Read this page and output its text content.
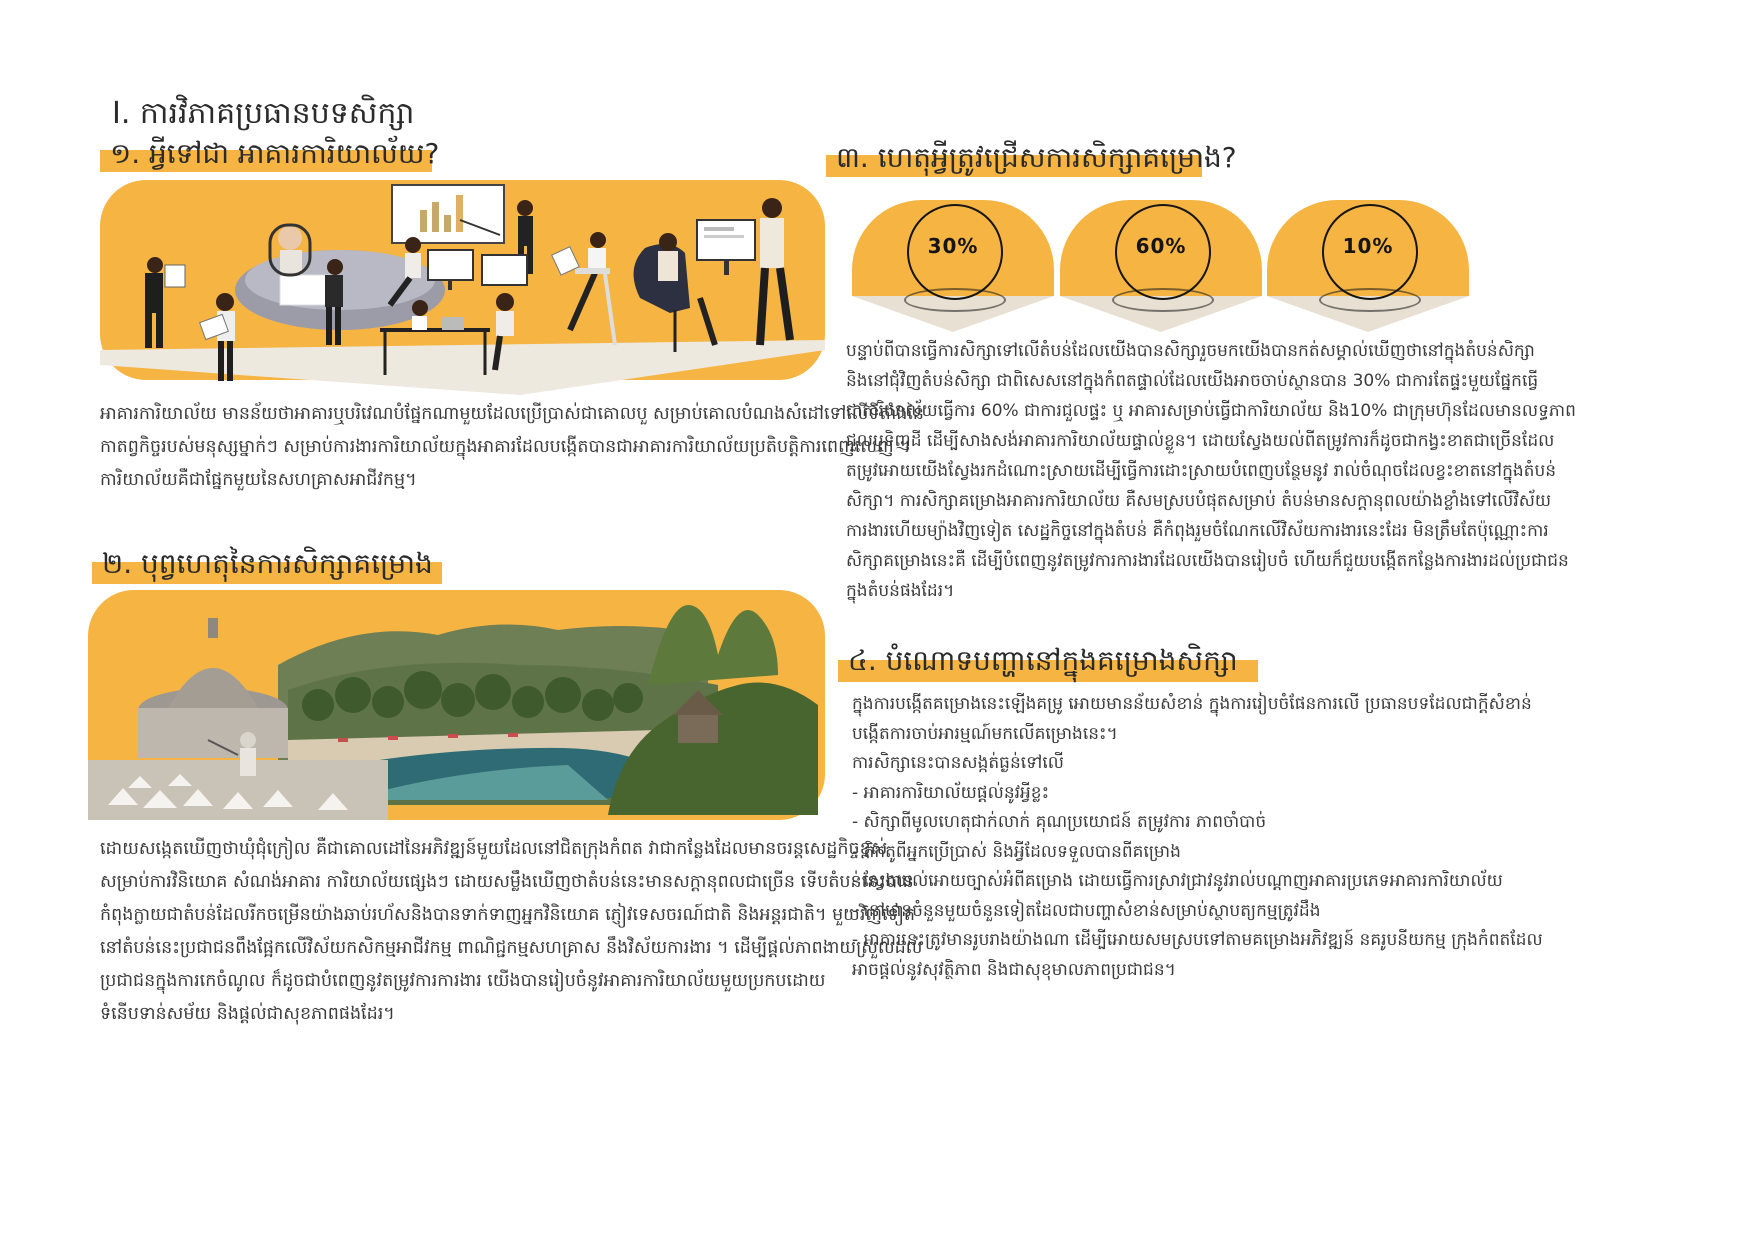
I. ការវិភាគប្រធានបទសិក្សា
១. អ្វីទៅជា អាគារការិយាល័យ?
អាគារការិយាល័យ មានន័យថាអាគារឬបរិវេណបំផ្នែកណាមួយដែលប្រើប្រាស់ជាគោលបួ សម្រាប់គោលបំណងសំដៅទៅលើទីតាំងនៃ
កាតព្វកិច្ចរបស់មនុស្សម្នាក់ៗ សម្រាប់ការងារការិយាល័យក្នុងអាគារដែលបង្កើតបានជាអាគារការិយាល័យប្រតិបត្តិការពេញលេញ ។
ការិយាល័យគឺជាផ្នែកមួយនៃសហគ្រាសអាជីវកម្ម។
២. បុព្វហេតុនៃការសិក្សាគម្រោង
ដោយសង្កេតឃើញថាឃុំជុំក្រៀល គឺជាគោលដៅនៃអភិវឌ្ឍន៍មួយដែលនៅជិតក្រុងកំពត វាជាកន្លែងដែលមានចរន្តសេដ្ឋកិច្ចខ្ពស់
សម្រាប់ការវិនិយោគ សំណង់អាគារ ការិយាល័យផ្សេងៗ ដោយសម្លឹងឃើញថាតំបន់នេះមានសក្ដានុពលជាច្រើន ទើបតំបន់នេះបាន
កំពុងក្លាយជាតំបន់ដែលរីកចម្រើនយ៉ាងឆាប់រហ័សនិងបានទាក់ទាញអ្នកវិនិយោគ ភ្ញៀវទេសចរណ៍ជាតិ និងអន្តរជាតិ។ មួយវិញទៀត
នៅតំបន់នេះប្រជាជនពឹងផ្អែកលើវិស័យកសិកម្មអាជីវកម្ម ពាណិជ្ជកម្មសហគ្រាស នឹងវិស័យការងារ ។ ដើម្បីផ្ដល់ភាពងាយស្រួលដល់
ប្រជាជនក្នុងការកេចំណូល ក៏ដូចជាបំពេញនូវតម្រូវការការងារ យើងបានរៀបចំនូវអាគារការិយាល័យមួយប្រកបដោយ
ទំនើបទាន់សម័យ និងផ្ដល់ជាសុខភាពផងដែរ។
៣. ហេតុអ្វីត្រូវជ្រើសការសិក្សាគម្រោង?
30%	60%	10%
បន្ទាប់ពីបានធ្វើការសិក្សាទៅលើតំបន់ដែលយើងបានសិក្សារួចមកយើងបានកត់សម្គាល់ឃើញថានៅក្នុងតំបន់សិក្សា
និងនៅជុំវិញតំបន់សិក្សា ជាពិសេសនៅក្នុងកំពតផ្ទាល់ដែលយើងអាចចាប់ស្ថានបាន 30% ជាការតែផ្ទះមួយផ្នែកធ្វើ
ជាការិយាល័យធ្វើការ 60% ជាការជួលផ្ទះ ឬ អាគារសម្រាប់ធ្វើជាការិយាល័យ និង10% ជាក្រុមហ៊ុនដែលមានលទ្ធភាព
ជួលឬទិញដី ដើម្បីសាងសង់អាគារការិយាល័យផ្ទាល់ខ្លួន។ ដោយស្វែងយល់ពីតម្រូវការក៏ដូចជាកង្វះខាតជាច្រើនដែល
តម្រូវអោយយើងស្វែងរកដំណោះស្រាយដើម្បីធ្វើការដោះស្រាយបំពេញបន្ថែមនូវ រាល់ចំណុចដែលខ្វះខាតនៅក្នុងតំបន់
សិក្សា។ ការសិក្សាគម្រោងអាគារការិយាល័យ គឺសមស្របបំផុតសម្រាប់ តំបន់មានសក្ដានុពលយ៉ាងខ្លាំងទៅលើវិស័យ
ការងារហើយម្យ៉ាងវិញទៀត សេដ្ឋកិច្ចនៅក្នុងតំបន់ គឺកំពុងរួមចំណែកលើវិស័យការងារនេះដែរ មិនត្រឹមតែប៉ុណ្ណោះការ
សិក្សាគម្រោងនេះគឺ ដើម្បីបំពេញនូវតម្រូវការការងារដែលយើងបានរៀបចំ ហើយក៏ជួយបង្កើតកន្លែងការងារដល់ប្រជាជន
ក្នុងតំបន់ផងដែរ។
៤. បំណោទបញ្ហានៅក្នុងគម្រោងសិក្សា
ក្នុងការបង្កើតគម្រោងនេះឡើងគម្រូ អោយមានន័យសំខាន់ ក្នុងការរៀបចំផែនការលើ ប្រធានបទដែលជាក្ដីសំខាន់
បង្កើតការចាប់អារម្មណ៍មកលើគម្រោងនេះ។
ការសិក្សានេះបានសង្កត់ធ្ងន់ទៅលើ
- អាគារការិយាល័យផ្ដល់នូវអ្វីខ្លះ
- សិក្សាពីមូលហេតុជាក់លាក់ គុណប្រយោជន៍ តម្រូវការ ភាពចាំបាច់
- តិកតូពីអ្នកប្រើប្រាស់ និងអ្វីដែលទទួលបានពីគម្រោង
- ស្វែងយល់អោយច្បាស់អំពីគម្រោង ដោយធ្វើការស្រាវជ្រាវនូវរាល់បណ្ដាញអាគារប្រភេទអាគារការិយាល័យ
- នៅមានចំនួនមួយចំនួនទៀតដែលជាបញ្ហាសំខាន់សម្រាប់ស្ថាបត្យកម្មត្រូវដឹង
- អាគារនេះត្រូវមានរូបរាងយ៉ាងណា ដើម្បីអោយសមស្របទៅតាមគម្រោងអភិវឌ្ឍន៍ នគរូបនីយកម្ម ក្រុងកំពតដែល
អាចផ្ដល់នូវសុវត្ថិភាព និងជាសុខុមាលភាពប្រជាជន។
